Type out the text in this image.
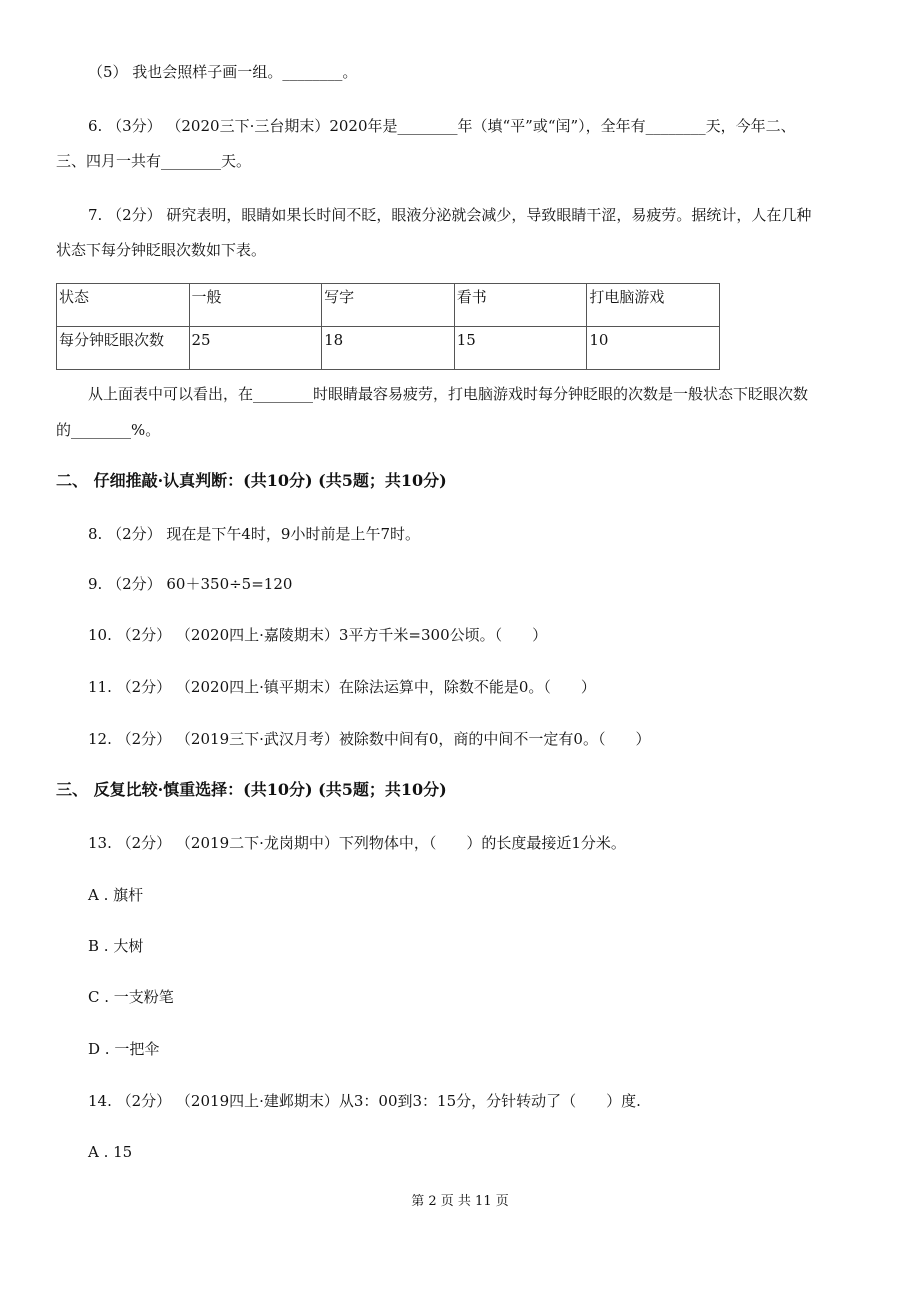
（5） 我也会照样子画一组。________。
6. （3分） （2020三下·三台期末）2020年是________年（填“平”或“闰”），全年有________天，今年二、
三、四月一共有________天。
7. （2分） 研究表明，眼睛如果长时间不眨，眼液分泌就会减少，导致眼睛干涩，易疲劳。据统计，人在几种
状态下每分钟眨眼次数如下表。
状态	一般	写字	看书	打电脑游戏
每分钟眨眼次数	25	18	15	10
从上面表中可以看出，在________时眼睛最容易疲劳，打电脑游戏时每分钟眨眼的次数是一般状态下眨眼次数
的________%。
二、 仔细推敲·认真判断：(共10分) (共5题；共10分)
8. （2分） 现在是下午4时，9小时前是上午7时。
9. （2分） 60＋350÷5=120
10. （2分） （2020四上·嘉陵期末）3平方千米=300公顷。（　　）
11. （2分） （2020四上·镇平期末）在除法运算中，除数不能是0。（　　）
12. （2分） （2019三下·武汉月考）被除数中间有0，商的中间不一定有0。（　　）
三、 反复比较·慎重选择：(共10分) (共5题；共10分)
13. （2分） （2019二下·龙岗期中）下列物体中，（　　）的长度最接近1分米。
A . 旗杆
B . 大树
C . 一支粉笔
D . 一把伞
14. （2分） （2019四上·建邺期末）从3：00到3：15分，分针转动了（　　）度.
A . 15
第 2 页 共 11 页
